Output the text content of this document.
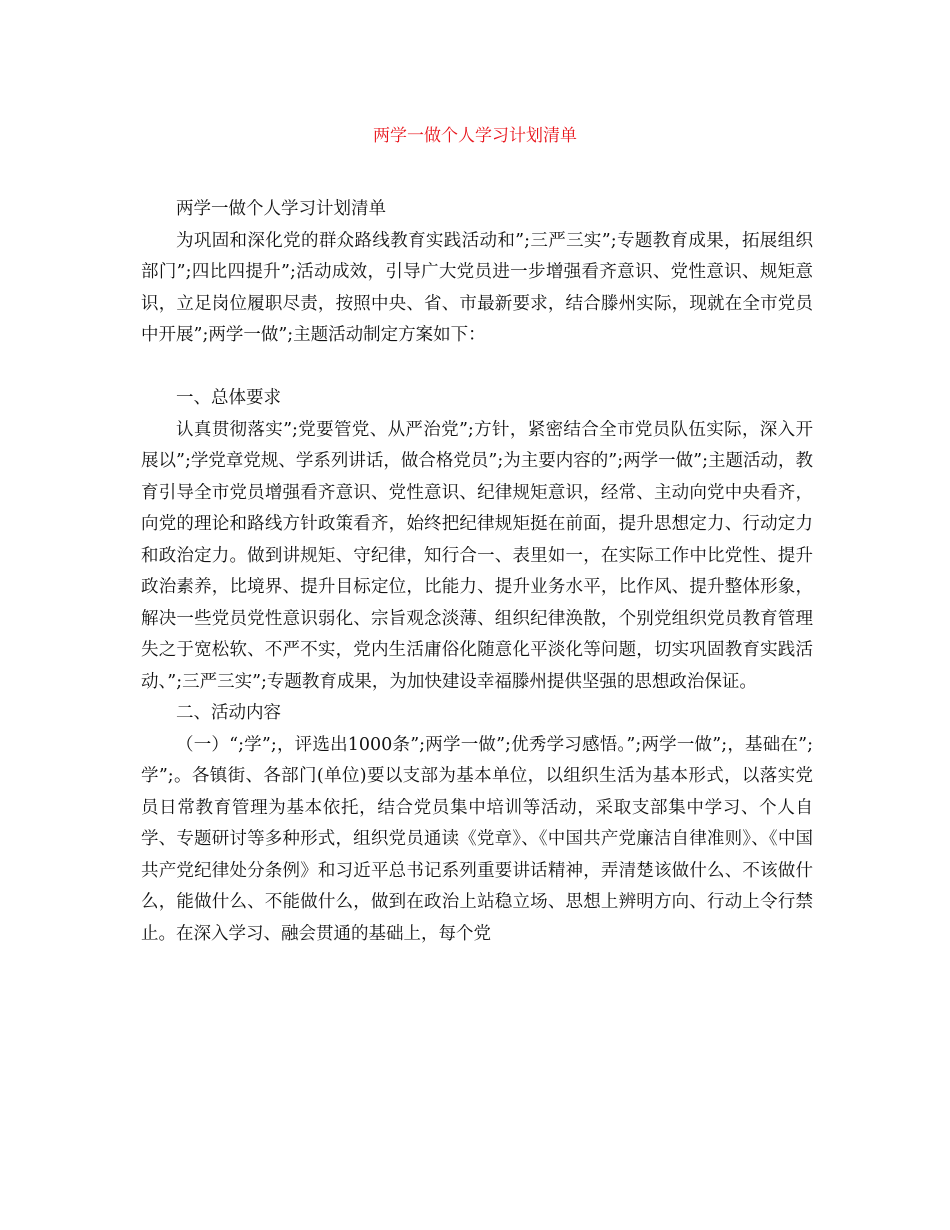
两学一做个人学习计划清单

两学一做个人学习计划清单

为巩固和深化党的群众路线教育实践活动和”;三严三实”;专题教育成果，拓展组织部门”;四比四提升”;活动成效，引导广大党员进一步增强看齐意识、党性意识、规矩意识，立足岗位履职尽责，按照中央、省、市最新要求，结合滕州实际，现就在全市党员中开展”;两学一做”;主题活动制定方案如下：

一、总体要求

认真贯彻落实”;党要管党、从严治党”;方针，紧密结合全市党员队伍实际，深入开展以”;学党章党规、学系列讲话，做合格党员”;为主要内容的”;两学一做”;主题活动，教育引导全市党员增强看齐意识、党性意识、纪律规矩意识，经常、主动向党中央看齐，向党的理论和路线方针政策看齐，始终把纪律规矩挺在前面，提升思想定力、行动定力和政治定力。做到讲规矩、守纪律，知行合一、表里如一，在实际工作中比党性、提升政治素养，比境界、提升目标定位，比能力、提升业务水平，比作风、提升整体形象，解决一些党员党性意识弱化、宗旨观念淡薄、组织纪律涣散，个别党组织党员教育管理失之于宽松软、不严不实，党内生活庸俗化随意化平淡化等问题，切实巩固教育实践活动、”;三严三实”;专题教育成果，为加快建设幸福滕州提供坚强的思想政治保证。

二、活动内容

（一）“;学”;，评选出1000条”;两学一做”;优秀学习感悟。”;两学一做”;，基础在”;学”;。各镇街、各部门(单位)要以支部为基本单位，以组织生活为基本形式，以落实党员日常教育管理为基本依托，结合党员集中培训等活动，采取支部集中学习、个人自学、专题研讨等多种形式，组织党员通读《党章》、《中国共产党廉洁自律准则》、《中国共产党纪律处分条例》和习近平总书记系列重要讲话精神，弄清楚该做什么、不该做什么，能做什么、不能做什么，做到在政治上站稳立场、思想上辨明方向、行动上令行禁止。在深入学习、融会贯通的基础上，每个党
